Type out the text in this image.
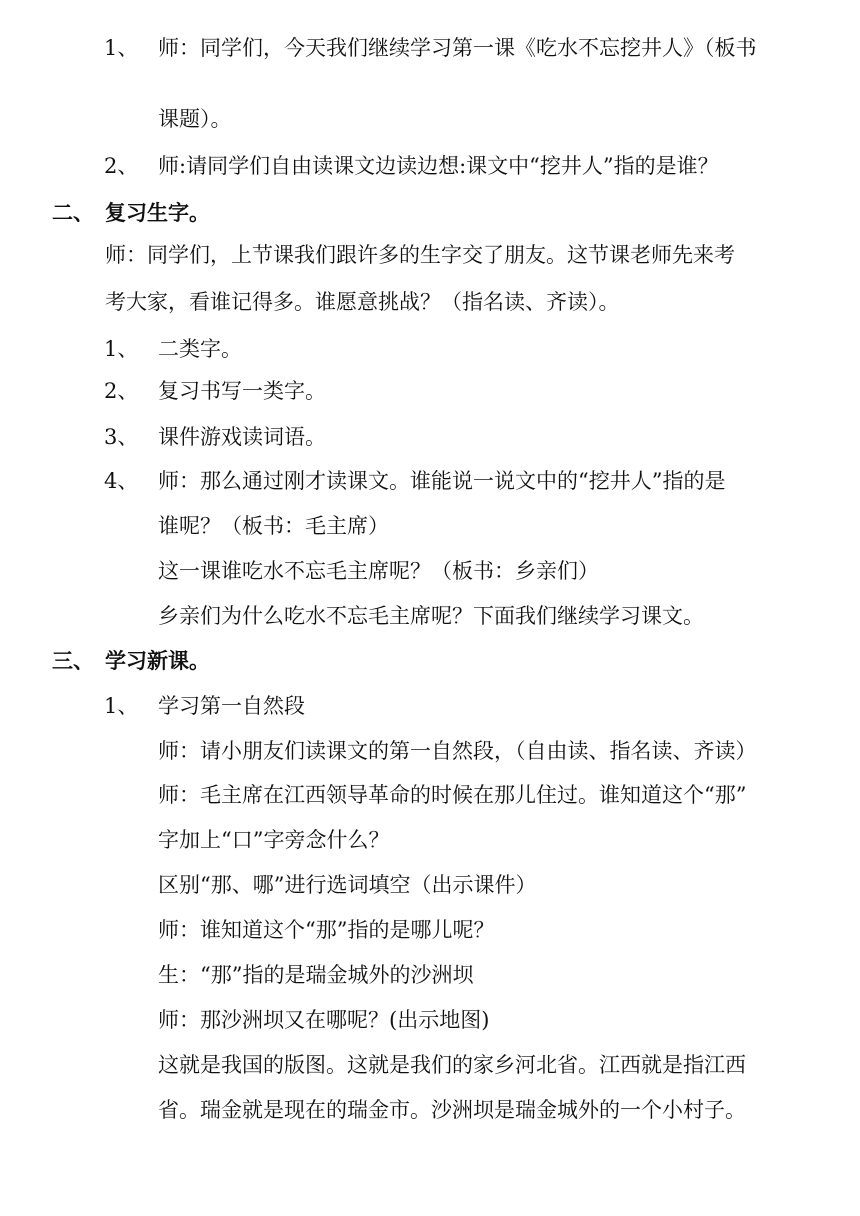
1、 师：同学们，今天我们继续学习第一课《吃水不忘挖井人》（板书
课题）。
2、 师:请同学们自由读课文边读边想:课文中“挖井人”指的是谁？
二、 复习生字。
师：同学们，上节课我们跟许多的生字交了朋友。这节课老师先来考
考大家，看谁记得多。谁愿意挑战？（指名读、齐读）。
1、 二类字。
2、 复习书写一类字。
3、 课件游戏读词语。
4、 师：那么通过刚才读课文。谁能说一说文中的“挖井人”指的是
谁呢？（板书：毛主席）
这一课谁吃水不忘毛主席呢？（板书：乡亲们）
乡亲们为什么吃水不忘毛主席呢？下面我们继续学习课文。
三、 学习新课。
1、 学习第一自然段
师：请小朋友们读课文的第一自然段，（自由读、指名读、齐读）
师：毛主席在江西领导革命的时候在那儿住过。谁知道这个“那”
字加上“口”字旁念什么？
区别“那、哪”进行选词填空（出示课件）
师：谁知道这个“那”指的是哪儿呢？
生：“那”指的是瑞金城外的沙洲坝
师：那沙洲坝又在哪呢？(出示地图)
这就是我国的版图。这就是我们的家乡河北省。江西就是指江西
省。瑞金就是现在的瑞金市。沙洲坝是瑞金城外的一个小村子。
